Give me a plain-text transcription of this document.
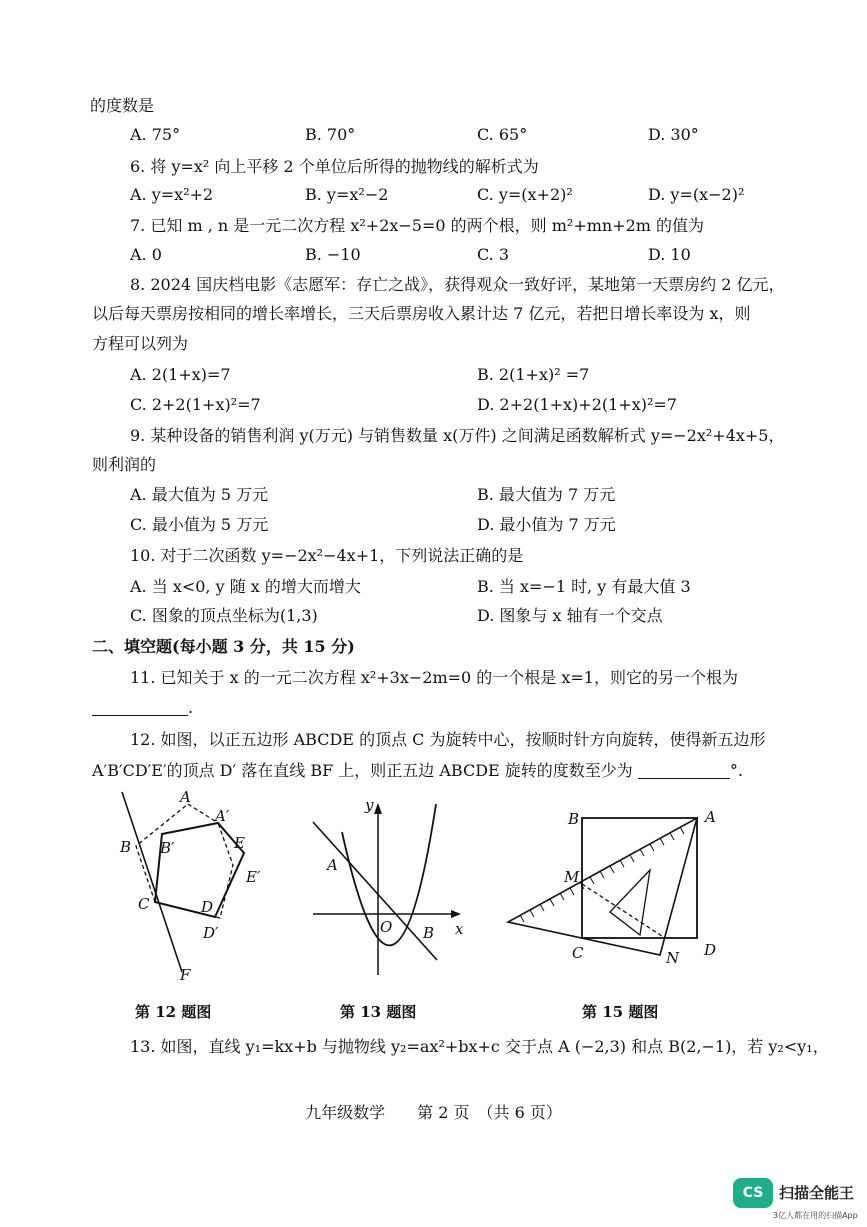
的度数是
A. 75°	B. 70°	C. 65°	D. 30°
6. 将 y=x² 向上平移 2 个单位后所得的抛物线的解析式为
A. y=x²+2	B. y=x²−2	C. y=(x+2)²	D. y=(x−2)²
7. 已知 m , n 是一元二次方程 x²+2x−5=0 的两个根，则 m²+mn+2m 的值为
A. 0	B. −10	C. 3	D. 10
8. 2024 国庆档电影《志愿军：存亡之战》，获得观众一致好评，某地第一天票房约 2 亿元，
以后每天票房按相同的增长率增长，三天后票房收入累计达 7 亿元，若把日增长率设为 x，则
方程可以列为
A. 2(1+x)=7	B. 2(1+x)² =7
C. 2+2(1+x)²=7	D. 2+2(1+x)+2(1+x)²=7
9. 某种设备的销售利润 y(万元) 与销售数量 x(万件) 之间满足函数解析式 y=−2x²+4x+5，
则利润的
A. 最大值为 5 万元	B. 最大值为 7 万元
C. 最小值为 5 万元	D. 最小值为 7 万元
10. 对于二次函数 y=−2x²−4x+1，下列说法正确的是
A. 当 x<0, y 随 x 的增大而增大	B. 当 x=−1 时, y 有最大值 3
C. 图象的顶点坐标为(1,3)	D. 图象与 x 轴有一个交点
二、填空题(每小题 3 分，共 15 分)
11. 已知关于 x 的一元二次方程 x²+3x−2m=0 的一个根是 x=1，则它的另一个根为
.
12. 如图，以正五边形 ABCDE 的顶点 C 为旋转中心，按顺时针方向旋转，使得新五边形
A′B′CD′E′的顶点 D′ 落在直线 BF 上，则正五边 ABCDE 旋转的度数至少为	°.
A
A′
B B′
C	D
D′
E
E′
F
第 12 题图
A
y
x
O B
第 13 题图
B	A
M
C	N D
第 15 题图
13. 如图，直线 y₁=kx+b 与抛物线 y₂=ax²+bx+c 交于点 A (−2,3) 和点 B(2,−1)，若 y₂<y₁，
九年级数学　　第 2 页　（共 6 页）
CS	扫描全能王
3亿人都在用的扫描App
